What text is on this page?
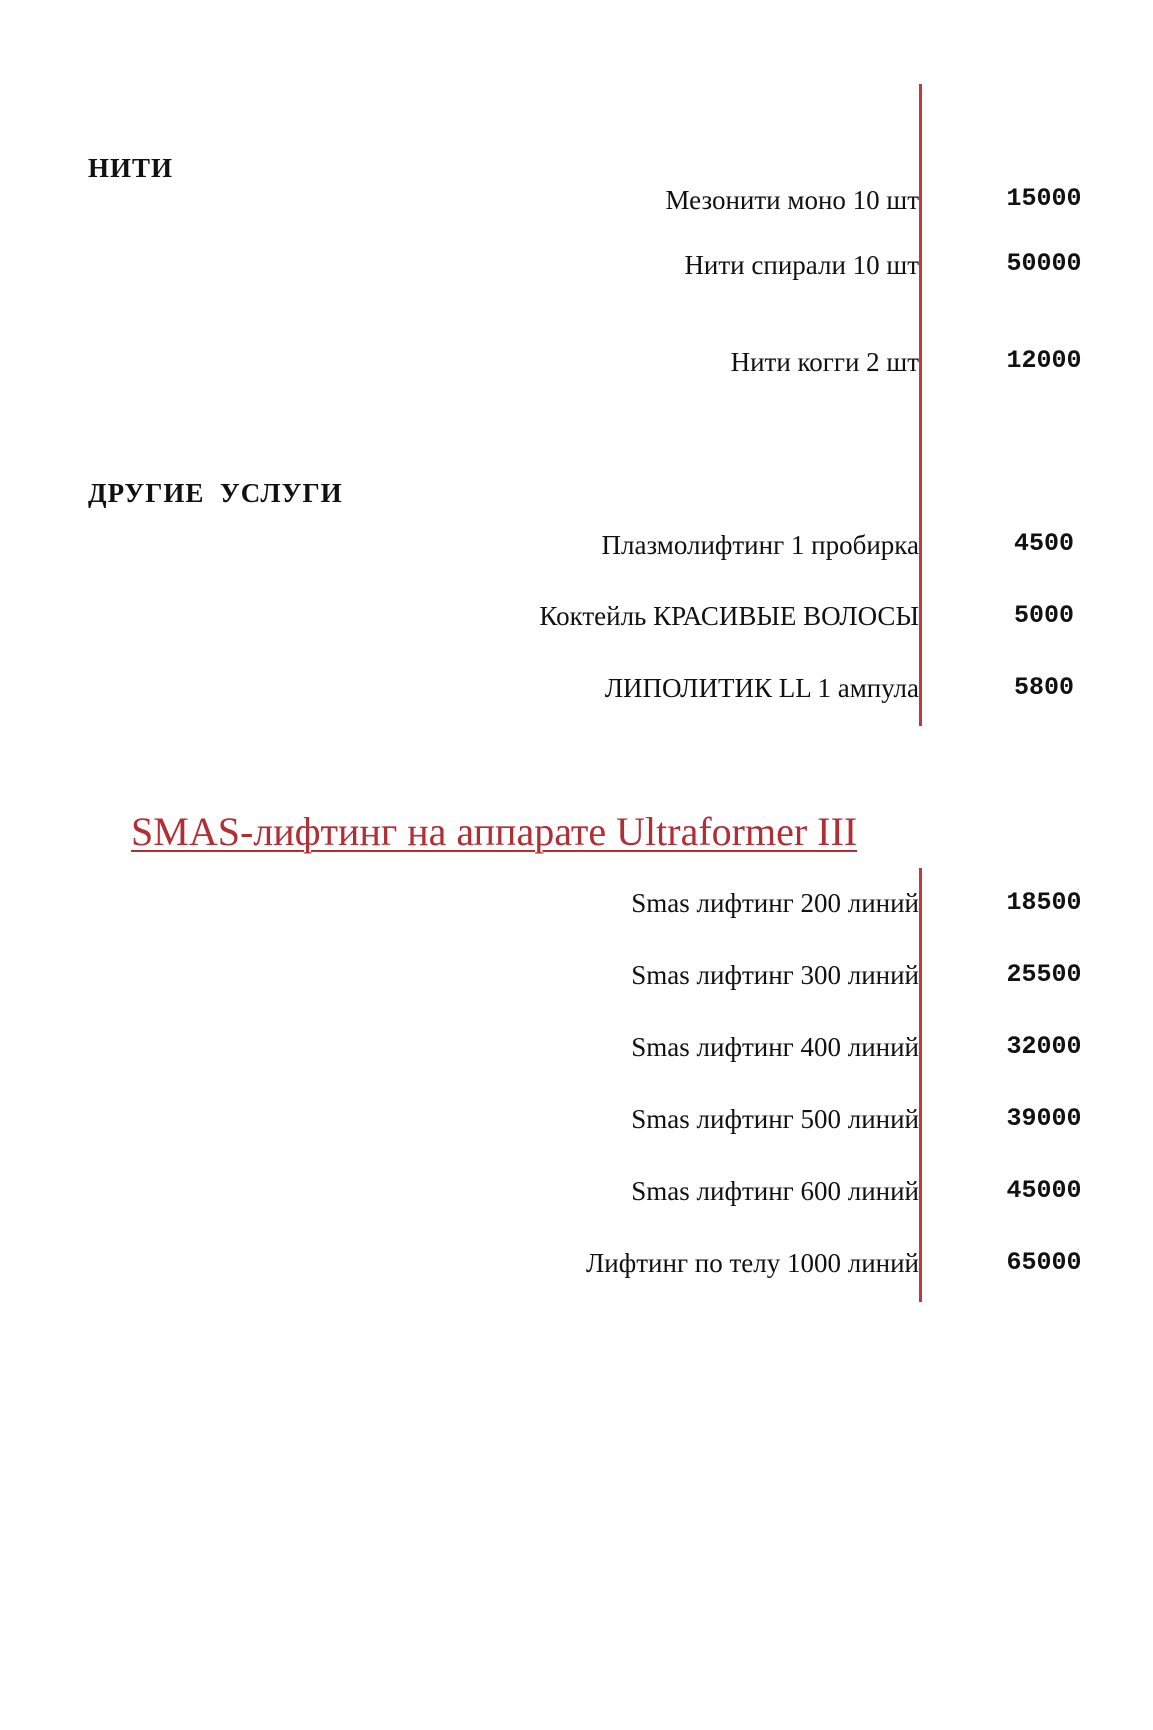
НИТИ
Мезонити моно 10 шт	15000
Нити спирали 10 шт	50000
Нити когги 2 шт	12000
ДРУГИЕ  УСЛУГИ
Плазмолифтинг 1 пробирка	4500
Коктейль КРАСИВЫЕ ВОЛОСЫ	5000
ЛИПОЛИТИК LL 1 ампула	5800
SMAS-лифтинг на аппарате Ultraformer III
Smas лифтинг 200 линий	18500
Smas лифтинг 300 линий	25500
Smas лифтинг 400 линий	32000
Smas лифтинг 500 линий	39000
Smas лифтинг 600 линий	45000
Лифтинг по телу 1000 линий	65000
